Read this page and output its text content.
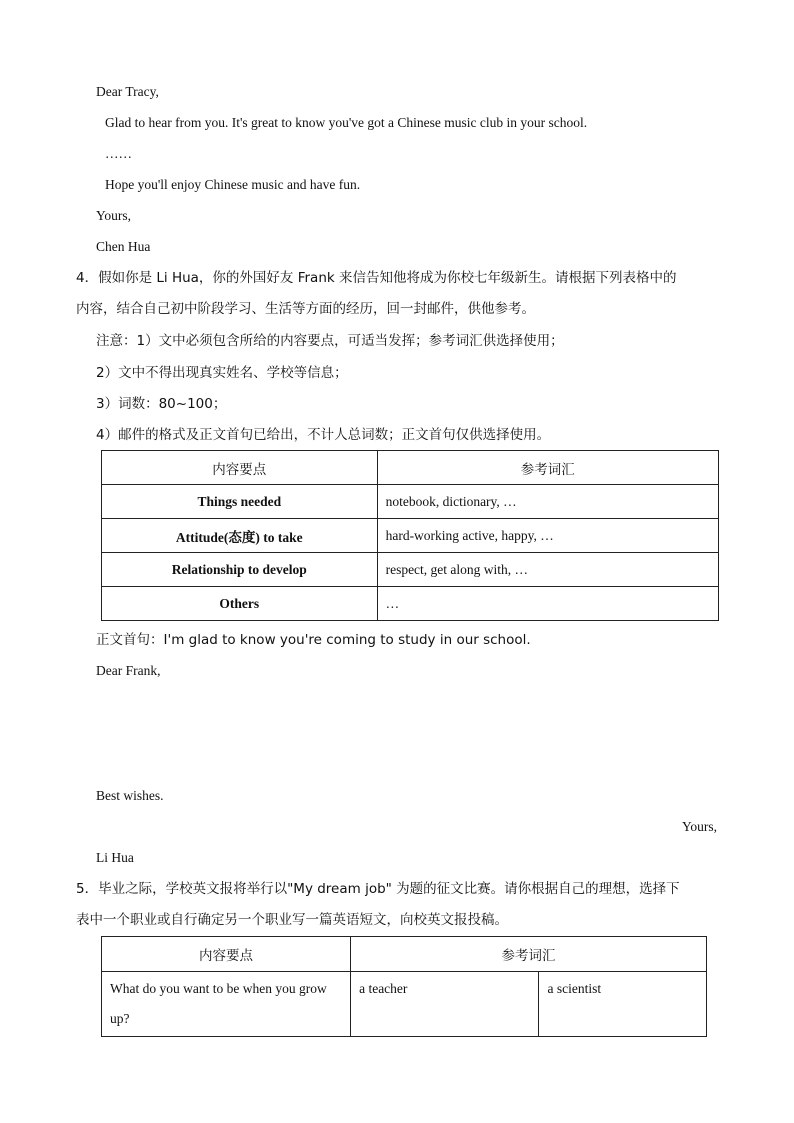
Dear Tracy,
Glad to hear from you. It's great to know you've got a Chinese music club in your school.
……
Hope you'll enjoy Chinese music and have fun.
Yours,
Chen Hua
4．假如你是 Li Hua，你的外国好友 Frank 来信告知他将成为你校七年级新生。请根据下列表格中的
内容，结合自己初中阶段学习、生活等方面的经历，回一封邮件，供他参考。
注意：1）文中必须包含所给的内容要点，可适当发挥；参考词汇供选择使用；
2）文中不得出现真实姓名、学校等信息；
3）词数：80~100；
4）邮件的格式及正文首句已给出，不计人总词数；正文首句仅供选择使用。
内容要点	参考词汇
Things needed	notebook, dictionary, …
Attitude(态度) to take	hard-working active, happy, …
Relationship to develop	respect, get along with, …
Others	…
正文首句：I'm glad to know you're coming to study in our school.
Dear Frank,
Best wishes.
Yours,
Li Hua
5．毕业之际，学校英文报将举行以"My dream job" 为题的征文比赛。请你根据自己的理想，选择下
表中一个职业或自行确定另一个职业写一篇英语短文，向校英文报投稿。
内容要点	参考词汇	
What do you want to be when you grow up?	a teacher	a scientist
